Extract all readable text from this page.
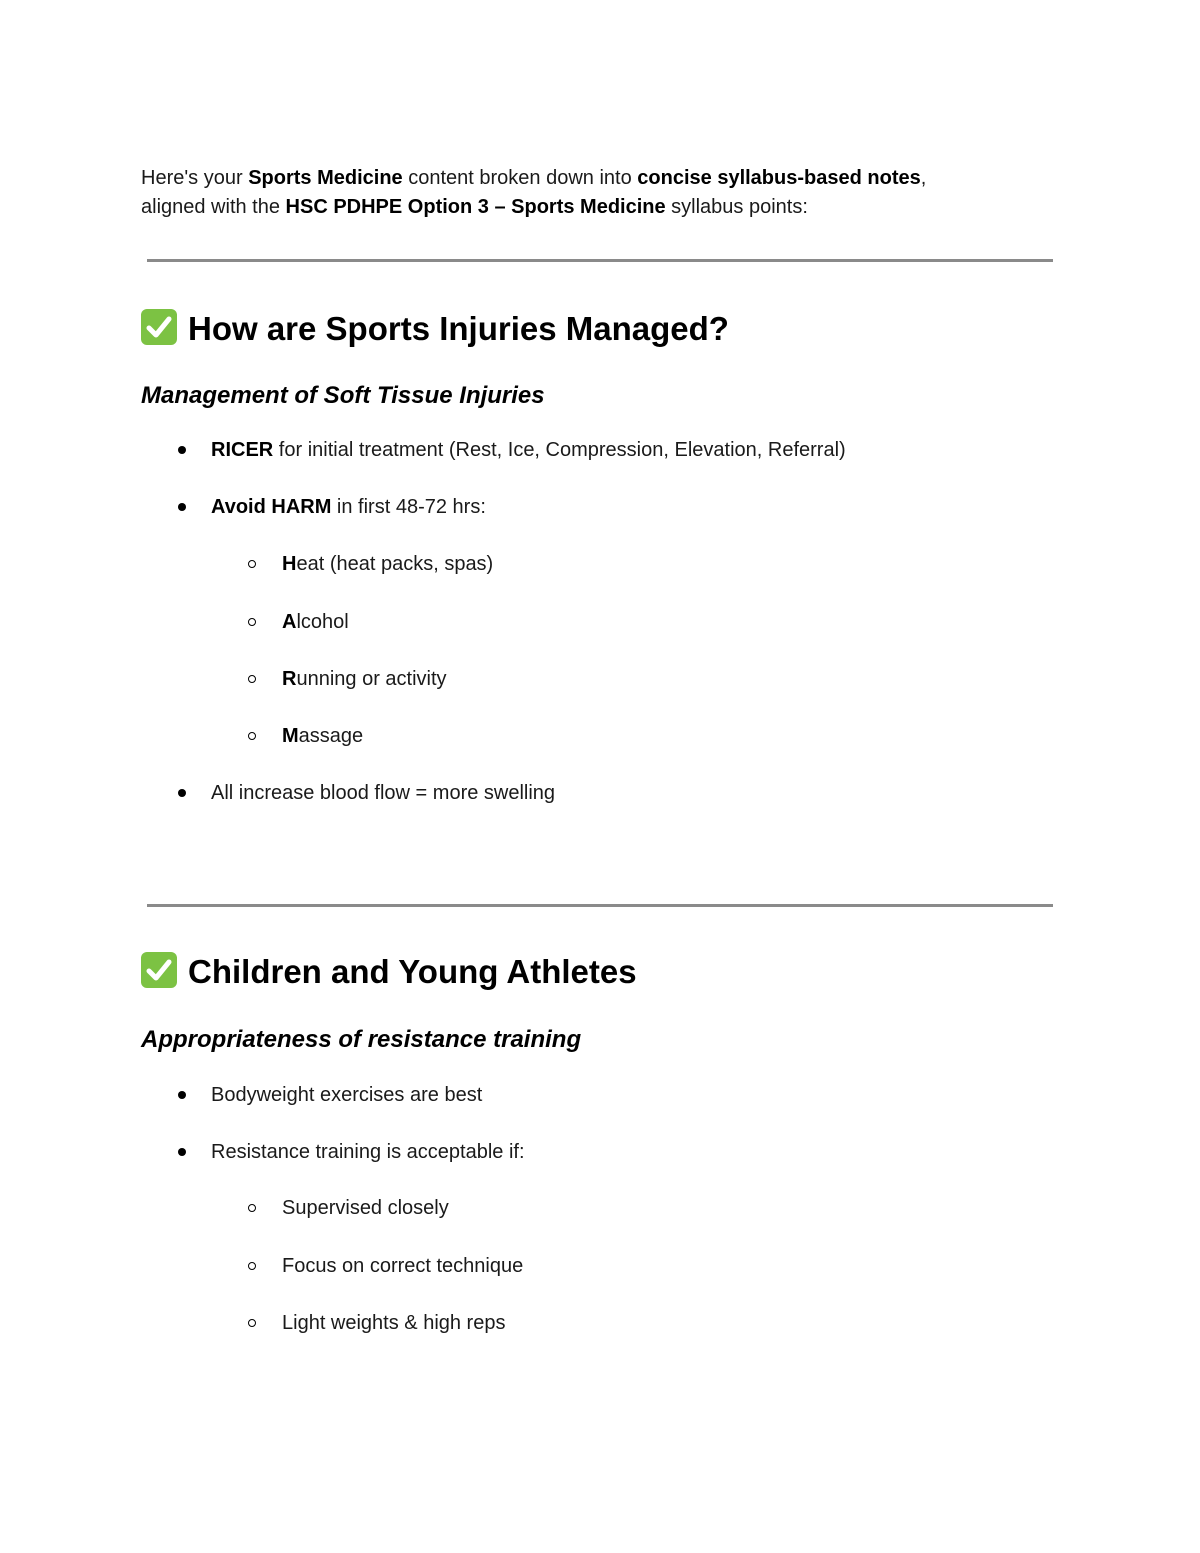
Here's your Sports Medicine content broken down into concise syllabus-based notes,
aligned with the HSC PDHPE Option 3 – Sports Medicine syllabus points:
How are Sports Injuries Managed?
Management of Soft Tissue Injuries
RICER for initial treatment (Rest, Ice, Compression, Elevation, Referral)
Avoid HARM in first 48-72 hrs:
Heat (heat packs, spas)
Alcohol
Running or activity
Massage
All increase blood flow = more swelling
Children and Young Athletes
Appropriateness of resistance training
Bodyweight exercises are best
Resistance training is acceptable if:
Supervised closely
Focus on correct technique
Light weights & high reps
